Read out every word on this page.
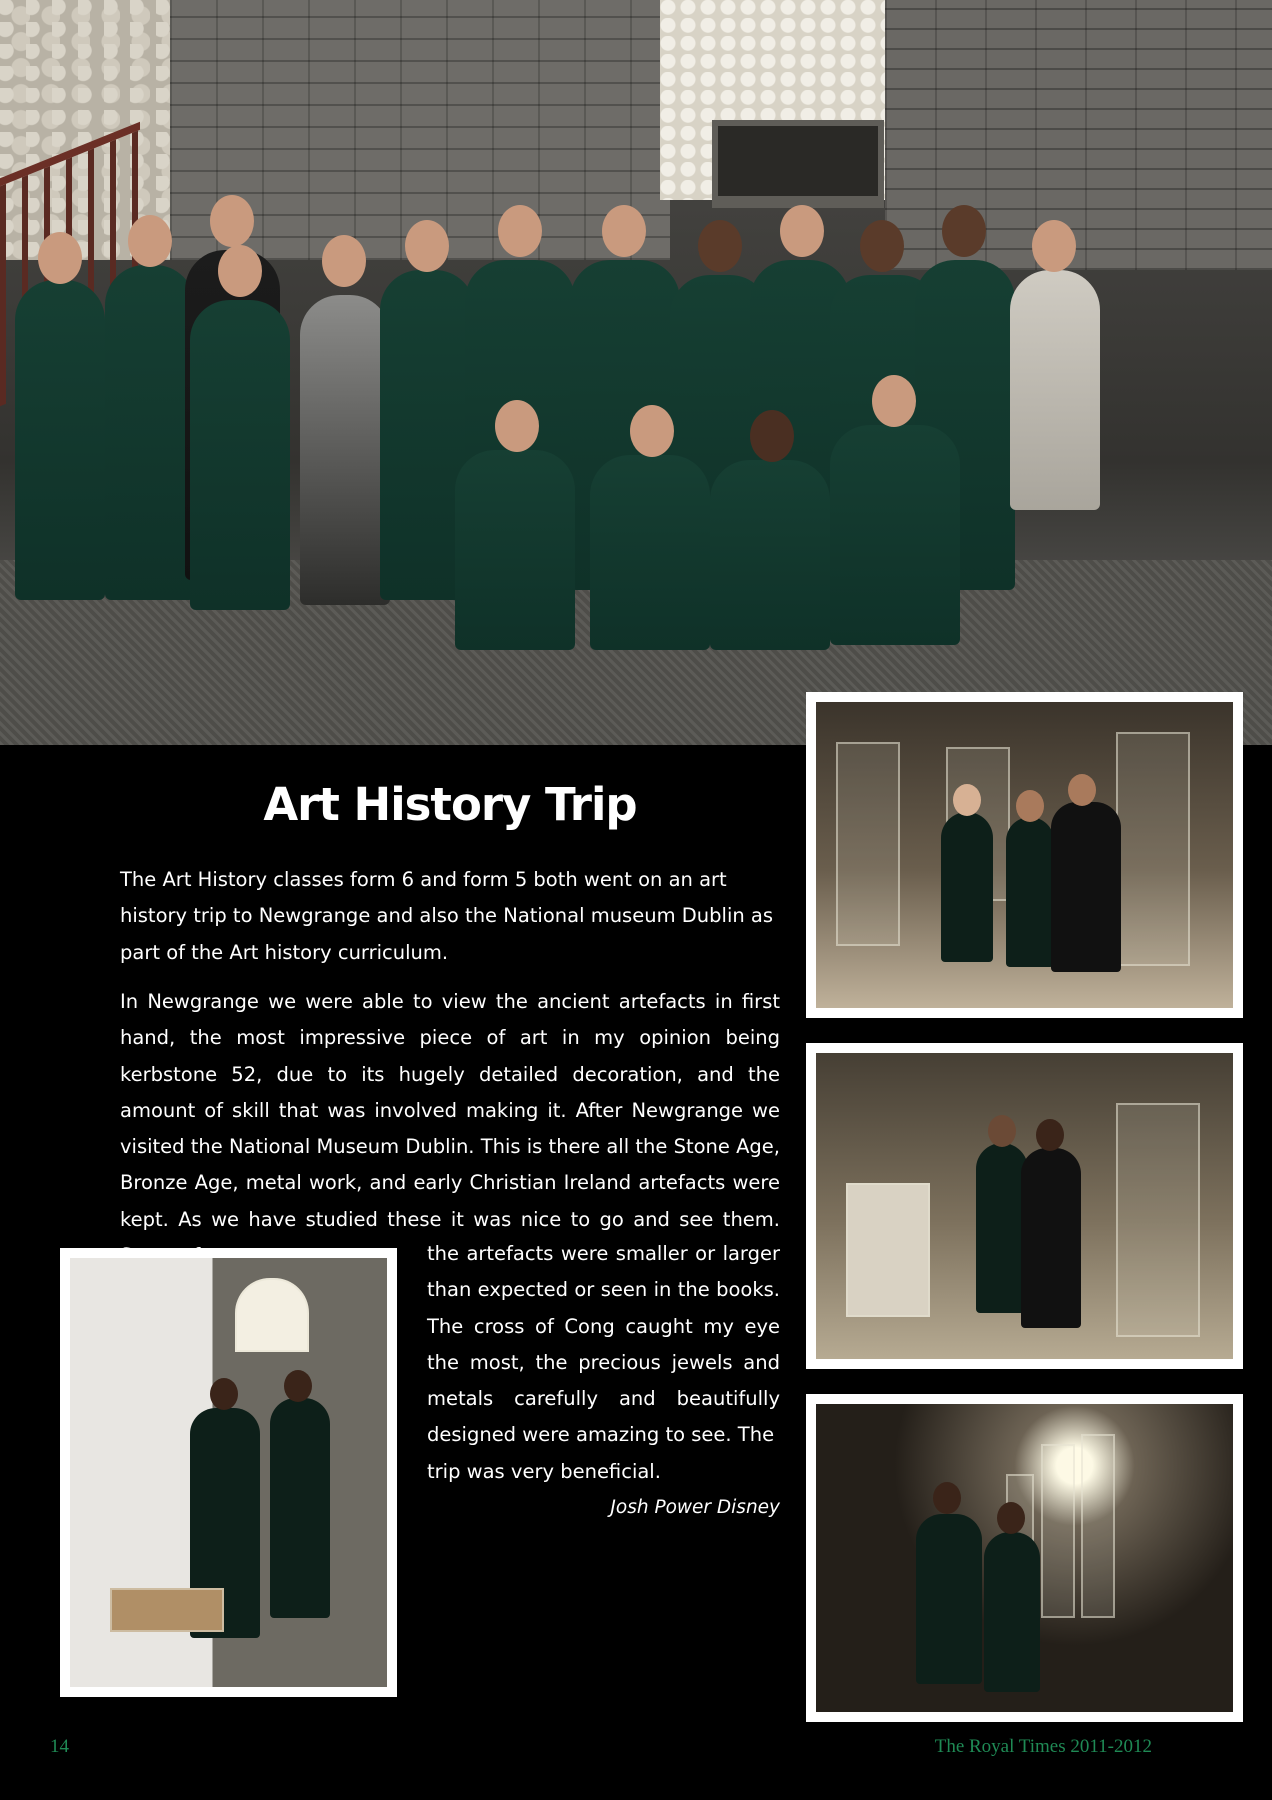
Art History Trip

The Art History classes form 6 and form 5 both went on an art history trip to Newgrange and also the National museum Dublin as part of the Art history curriculum.

In Newgrange we were able to view the ancient artefacts in first hand, the most impressive piece of art in my opinion being kerbstone 52, due to its hugely detailed decoration, and the amount of skill that was involved making it. After Newgrange we visited the National Museum Dublin. This is there all the Stone Age, Bronze Age, metal work, and early Christian Ireland artefacts were kept. As we have studied these it was nice to go and see them.

the artefacts were smaller or larger than expected or seen in the books. The cross of Cong caught my eye the most, the precious jewels and metals carefully and beautifully designed were amazing to see. The

trip was very beneficial.

Josh Power Disney

14	The Royal Times 2011-2012
